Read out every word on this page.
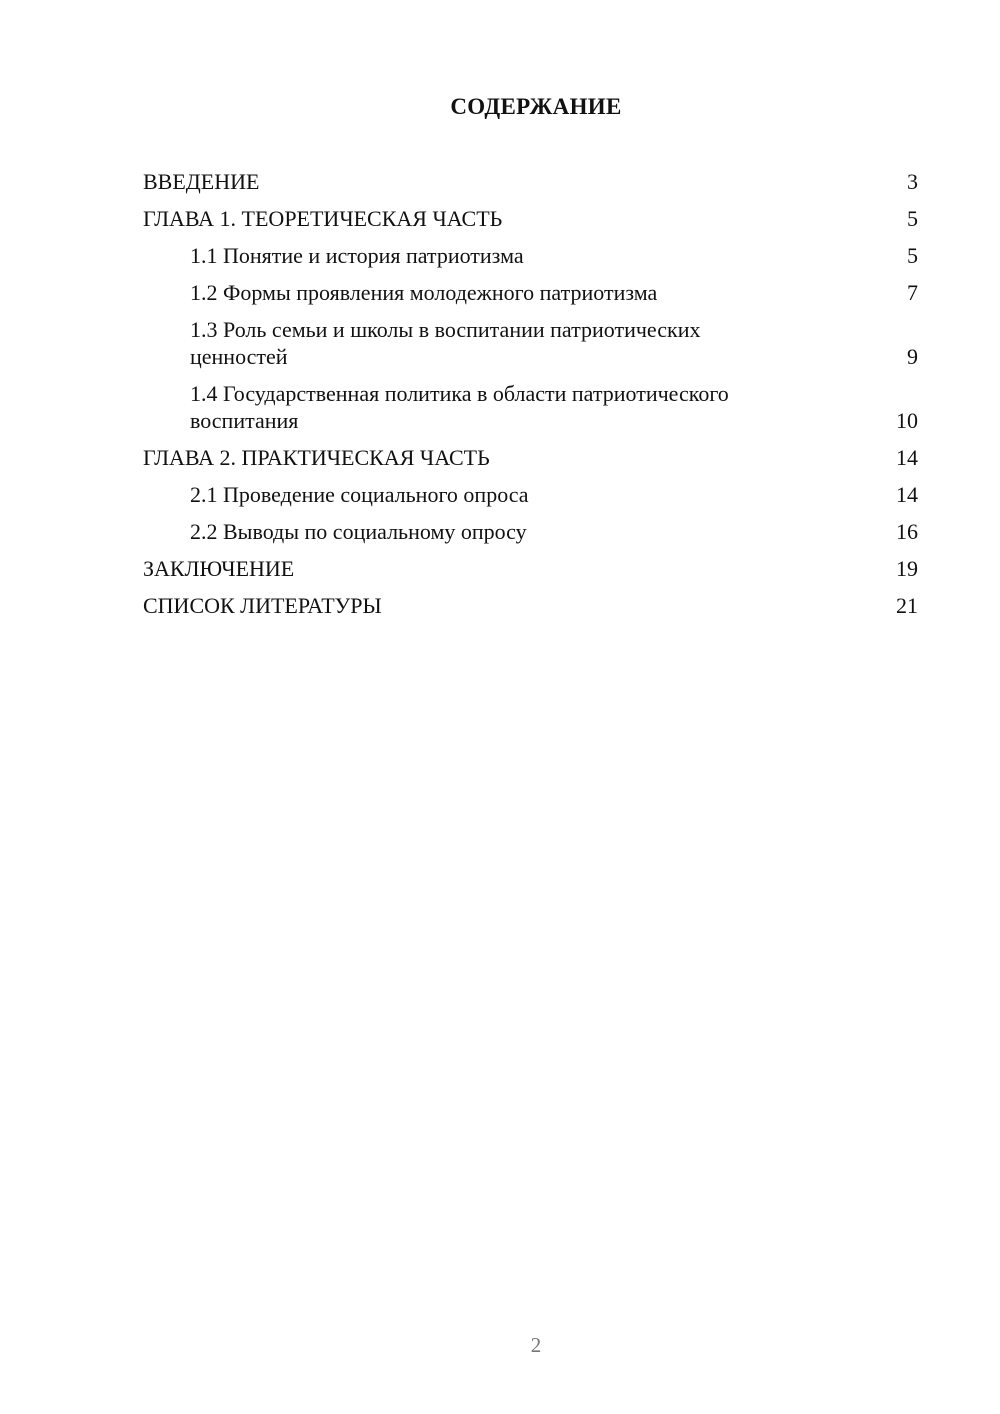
СОДЕРЖАНИЕ
ВВЕДЕНИЕ	3
ГЛАВА 1. ТЕОРЕТИЧЕСКАЯ ЧАСТЬ	5
1.1 Понятие и история патриотизма	5
1.2 Формы проявления молодежного патриотизма	7
1.3 Роль семьи и школы в воспитании патриотических ценностей	9
1.4 Государственная политика в области патриотического воспитания	10
ГЛАВА 2. ПРАКТИЧЕСКАЯ ЧАСТЬ	14
2.1 Проведение социального опроса	14
2.2 Выводы по социальному опросу	16
ЗАКЛЮЧЕНИЕ	19
СПИСОК ЛИТЕРАТУРЫ	21
2
